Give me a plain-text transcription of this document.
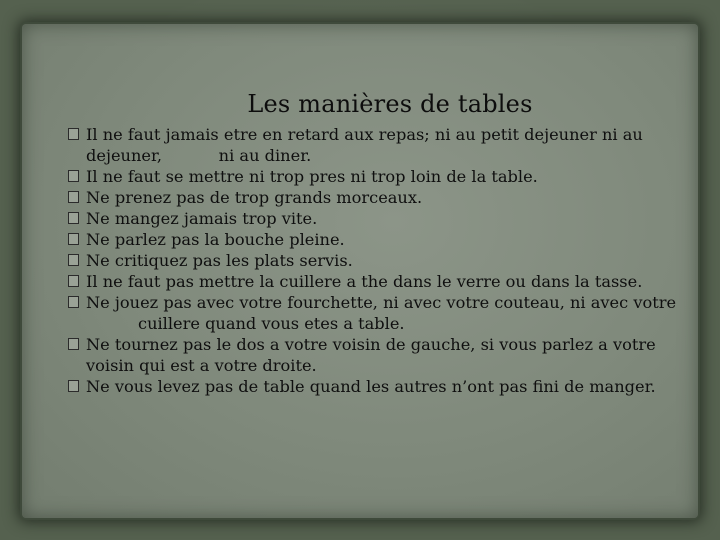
Les manières de tables
Il ne faut jamais etre en retard aux repas; ni au petit dejeuner ni au
dejeuner,           ni au diner.
Il ne faut se mettre ni trop pres ni trop loin de la table.
Ne prenez pas de trop grands morceaux.
Ne mangez jamais trop vite.
Ne parlez pas la bouche pleine.
Ne critiquez pas les plats servis.
Il ne faut pas mettre la cuillere a the dans le verre ou dans la tasse.
Ne jouez pas avec votre fourchette, ni avec votre couteau, ni avec votre
cuillere quand vous etes a table.
Ne tournez pas le dos a votre voisin de gauche, si vous parlez a votre
voisin qui est a votre droite.
Ne vous levez pas de table quand les autres n’ont pas fini de manger.
